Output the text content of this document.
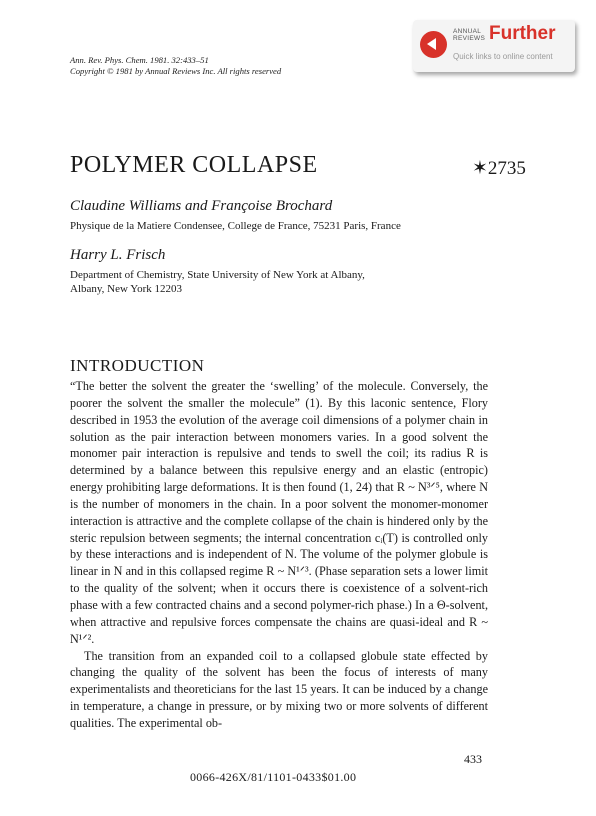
Ann. Rev. Phys. Chem. 1981. 32:433–51
Copyright © 1981 by Annual Reviews Inc. All rights reserved
ANNUAL
REVIEWS Further
Quick links to online content
POLYMER COLLAPSE	✶2735
Claudine Williams and Françoise Brochard
Physique de la Matiere Condensee, College de France, 75231 Paris, France
Harry L. Frisch
Department of Chemistry, State University of New York at Albany,
Albany, New York 12203
INTRODUCTION

“The better the solvent the greater the ‘swelling’ of the molecule. Conversely, the poorer the solvent the smaller the molecule” (1). By this laconic sentence, Flory described in 1953 the evolution of the average coil dimensions of a polymer chain in solution as the pair interaction between monomers varies. In a good solvent the monomer pair interaction is repulsive and tends to swell the coil; its radius R is determined by a balance between this repulsive energy and an elastic (entropic) energy prohibiting large deformations. It is then found (1, 24) that R ~ N³ᐟ⁵, where N is the number of monomers in the chain. In a poor solvent the monomer-monomer interaction is attractive and the complete collapse of the chain is hindered only by the steric repulsion between segments; the internal concentration cᵢ(T) is controlled only by these interactions and is independent of N. The volume of the polymer globule is linear in N and in this collapsed regime R ~ N¹ᐟ³. (Phase separation sets a lower limit to the quality of the solvent; when it occurs there is coexistence of a solvent-rich phase with a few contracted chains and a second polymer-rich phase.) In a Θ-solvent, when attractive and repulsive forces compensate the chains are quasi-ideal and R ~ N¹ᐟ².

The transition from an expanded coil to a collapsed globule state effected by changing the quality of the solvent has been the focus of interests of many experimentalists and theoreticians for the last 15 years. It can be induced by a change in temperature, a change in pressure, or by mixing two or more solvents of different qualities. The experimental ob-

433
0066-426X/81/1101-0433$01.00
